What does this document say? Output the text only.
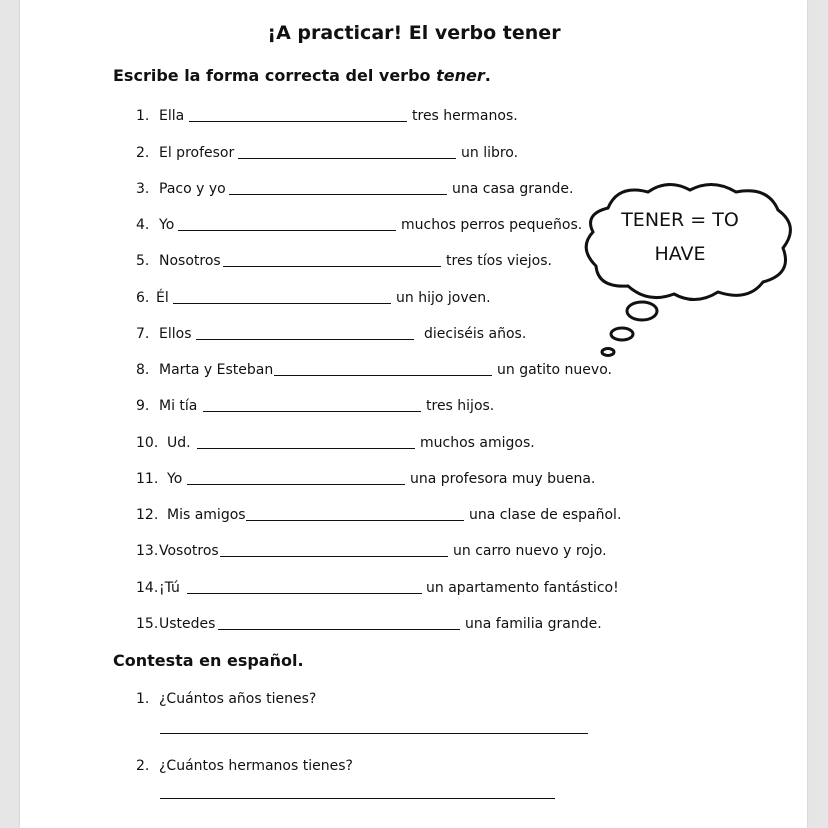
¡A practicar! El verbo tener
Escribe la forma correcta del verbo tener.
1. Ella	tres hermanos.
2. El profesor	un libro.
3. Paco y yo	una casa grande.
4. Yo	muchos perros pequeños.
5. Nosotros	tres tíos viejos.
6. Él	un hijo joven.
7. Ellos	dieciséis años.
8. Marta y Esteban	un gatito nuevo.
9. Mi tía	tres hijos.
10. Ud.	muchos amigos.
11. Yo	una profesora muy buena.
12. Mis amigos	una clase de español.
13. Vosotros	un carro nuevo y rojo.
14. ¡Tú	un apartamento fantástico!
15. Ustedes	una familia grande.
Contesta en español.
1. ¿Cuántos años tienes?
2. ¿Cuántos hermanos tienes?
TENER = TO
HAVE
